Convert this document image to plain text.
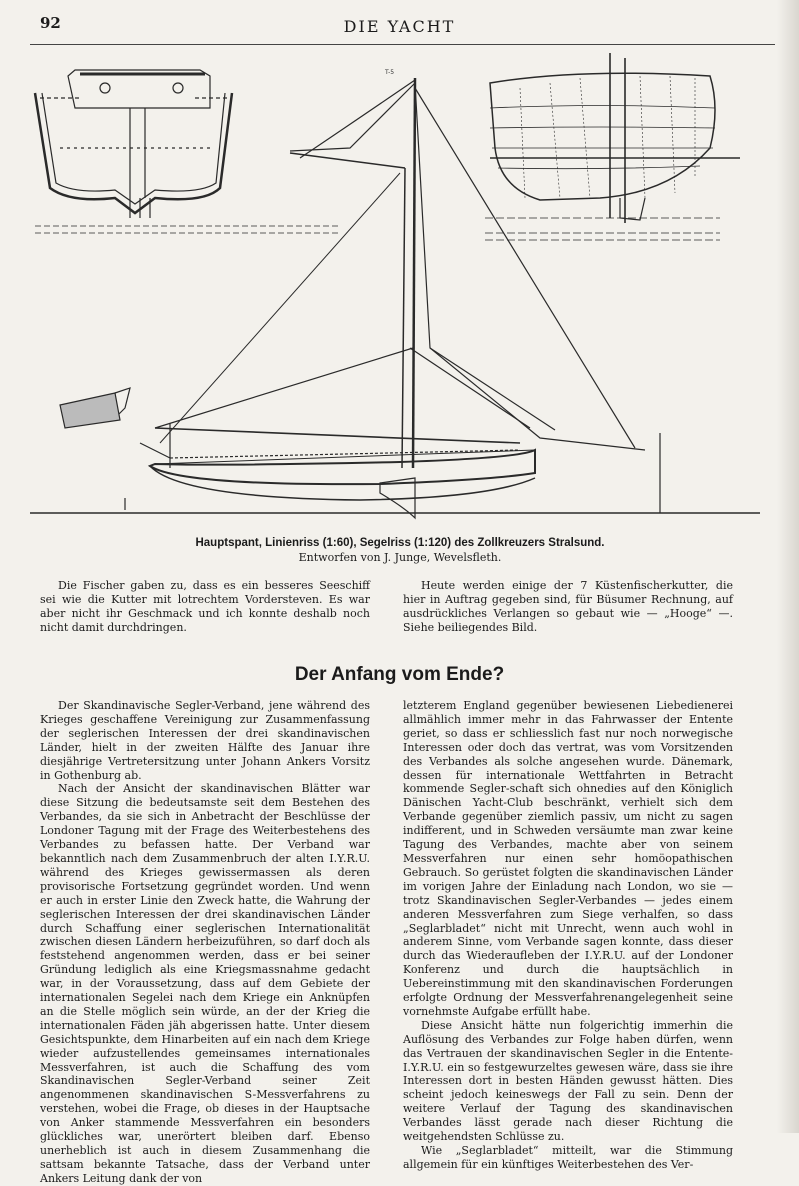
92	DIE YACHT
T-5
Hauptspant, Linienriss (1:60), Segelriss (1:120) des Zollkreuzers Stralsund.
Entworfen von J. Junge, Wevelsfleth.

Die Fischer gaben zu, dass es ein besseres Seeschiff sei wie die Kutter mit lotrechtem Vordersteven. Es war aber nicht ihr Geschmack und ich konnte deshalb noch nicht damit durchdringen.

Heute werden einige der 7 Küstenfischerkutter, die hier in Auftrag gegeben sind, für Büsumer Rechnung, auf ausdrückliches Verlangen so gebaut wie — „Hooge“ —. Siehe beiliegendes Bild.

Der Anfang vom Ende?

Der Skandinavische Segler-Verband, jene während des Krieges geschaffene Vereinigung zur Zusammenfassung der seglerischen Interessen der drei skandinavischen Länder, hielt in der zweiten Hälfte des Januar ihre diesjährige Vertretersitzung unter Johann Ankers Vorsitz in Gothenburg ab.

Nach der Ansicht der skandinavischen Blätter war diese Sitzung die bedeutsamste seit dem Bestehen des Verbandes, da sie sich in Anbetracht der Beschlüsse der Londoner Tagung mit der Frage des Weiterbestehens des Verbandes zu befassen hatte. Der Verband war bekanntlich nach dem Zusammenbruch der alten I.Y.R.U. während des Krieges gewissermassen als deren provisorische Fortsetzung gegründet worden. Und wenn er auch in erster Linie den Zweck hatte, die Wahrung der seglerischen Interessen der drei skandinavischen Länder durch Schaffung einer seglerischen Internationalität zwischen diesen Ländern herbeizuführen, so darf doch als feststehend angenommen werden, dass er bei seiner Gründung lediglich als eine Kriegsmassnahme gedacht war, in der Voraussetzung, dass auf dem Gebiete der internationalen Segelei nach dem Kriege ein Anknüpfen an die Stelle möglich sein würde, an der der Krieg die internationalen Fäden jäh abgerissen hatte. Unter diesem Gesichtspunkte, dem Hinarbeiten auf ein nach dem Kriege wieder aufzustellendes gemeinsames internationales Messverfahren, ist auch die Schaffung des vom Skandinavischen Segler-Verband seiner Zeit angenommenen skandinavischen S-Messverfahrens zu verstehen, wobei die Frage, ob dieses in der Hauptsache von Anker stammende Messverfahren ein besonders glückliches war, unerörtert bleiben darf. Ebenso unerheblich ist auch in diesem Zusammenhang die sattsam bekannte Tatsache, dass der Verband unter Ankers Leitung dank der von

letzterem England gegenüber bewiesenen Liebedienerei allmählich immer mehr in das Fahrwasser der Entente geriet, so dass er schliesslich fast nur noch norwegische Interessen oder doch das vertrat, was vom Vorsitzenden des Verbandes als solche angesehen wurde. Dänemark, dessen für internationale Wettfahrten in Betracht kommende Segler-schaft sich ohnedies auf den Königlich Dänischen Yacht-Club beschränkt, verhielt sich dem Verbande gegenüber ziemlich passiv, um nicht zu sagen indifferent, und in Schweden versäumte man zwar keine Tagung des Verbandes, machte aber von seinem Messverfahren nur einen sehr homöopathischen Gebrauch. So gerüstet folgten die skandinavischen Länder im vorigen Jahre der Einladung nach London, wo sie — trotz Skandinavischen Segler-Verbandes — jedes einem anderen Messverfahren zum Siege verhalfen, so dass „Seglarbladet“ nicht mit Unrecht, wenn auch wohl in anderem Sinne, vom Verbande sagen konnte, dass dieser durch das Wiederaufleben der I.Y.R.U. auf der Londoner Konferenz und durch die hauptsächlich in Uebereinstimmung mit den skandinavischen Forderungen erfolgte Ordnung der Messverfahrenangelegenheit seine vornehmste Aufgabe erfüllt habe.

Diese Ansicht hätte nun folgerichtig immerhin die Auflösung des Verbandes zur Folge haben dürfen, wenn das Vertrauen der skandinavischen Segler in die Entente-I.Y.R.U. ein so festgewurzeltes gewesen wäre, dass sie ihre Interessen dort in besten Händen gewusst hätten. Dies scheint jedoch keineswegs der Fall zu sein. Denn der weitere Verlauf der Tagung des skandinavischen Verbandes lässt gerade nach dieser Richtung die weitgehendsten Schlüsse zu.

Wie „Seglarbladet“ mitteilt, war die Stimmung allgemein für ein künftiges Weiterbestehen des Ver-
